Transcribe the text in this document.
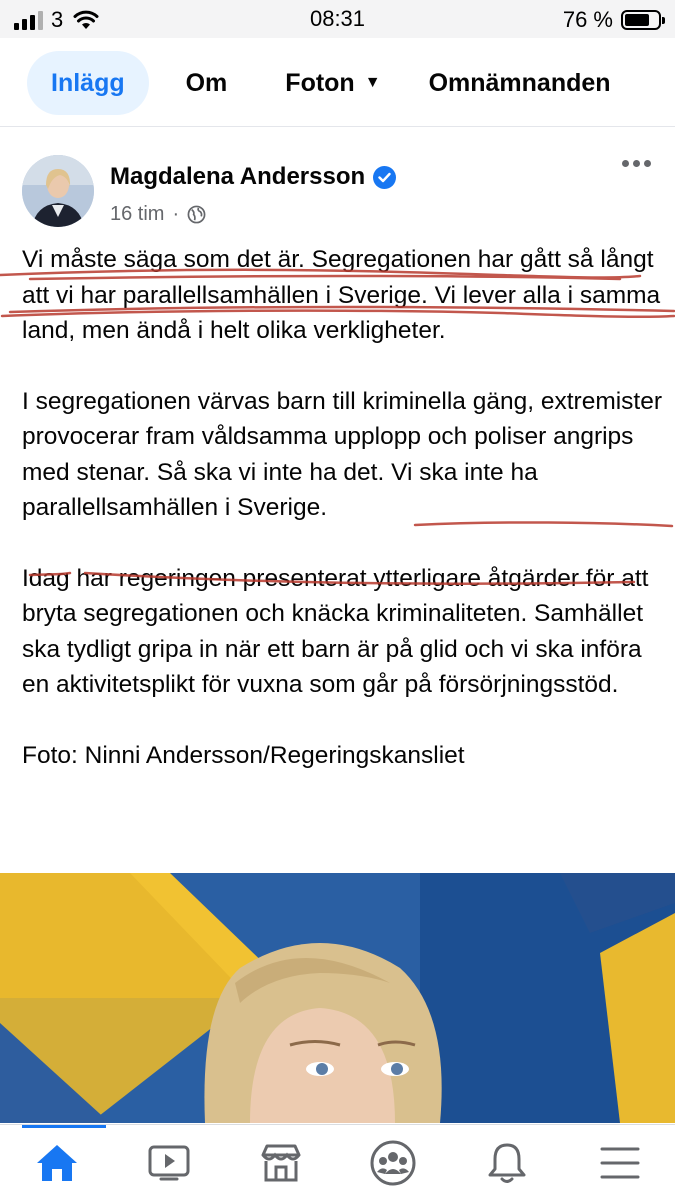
3	08:31	76 %
Inlägg Om Foton ▼ Omnämnanden
Magdalena Andersson
16 tim ·

Vi måste säga som det är. Segregationen har gått så långt att vi har parallellsamhällen i Sverige. Vi lever alla i samma land, men ändå i helt olika verkligheter.

I segregationen värvas barn till kriminella gäng, extremister provocerar fram våldsamma upplopp och poliser angrips med stenar. Så ska vi inte ha det. Vi ska inte ha parallellsamhällen i Sverige.

Idag har regeringen presenterat ytterligare åtgärder för att bryta segregationen och knäcka kriminaliteten. Samhället ska tydligt gripa in när ett barn är på glid och vi ska införa en aktivitetsplikt för vuxna som går på försörjningsstöd.

Foto: Ninni Andersson/Regeringskansliet
